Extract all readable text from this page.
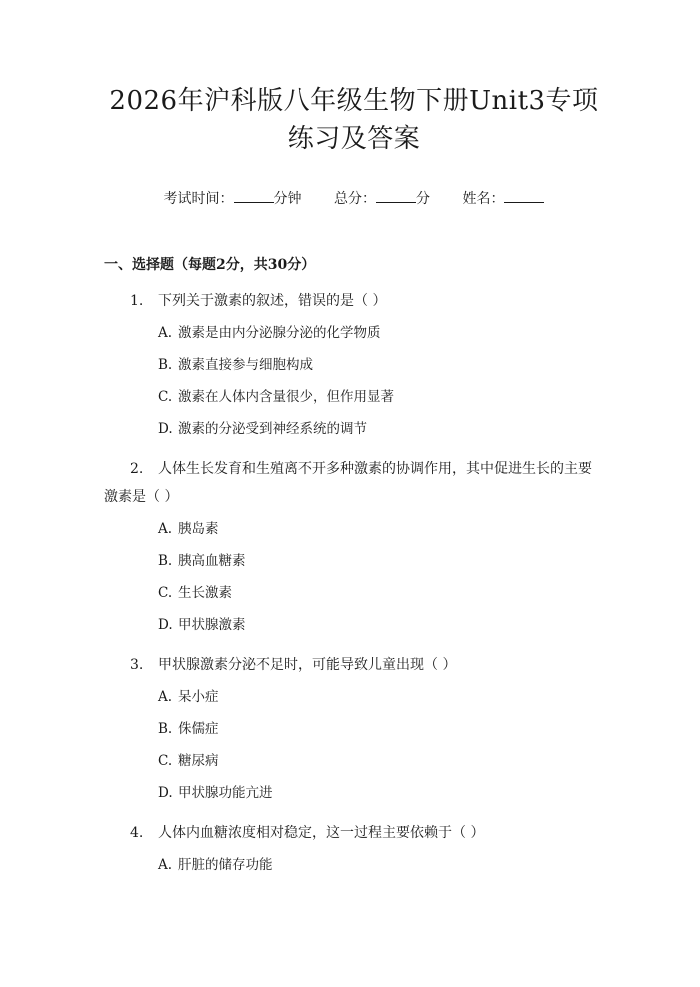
2026年沪科版八年级生物下册Unit3专项练习及答案
考试时间：	分钟 总分：	分 姓名：
一、选择题（每题2分，共30分）
1. 下列关于激素的叙述，错误的是（ ）
A. 激素是由内分泌腺分泌的化学物质
B. 激素直接参与细胞构成
C. 激素在人体内含量很少，但作用显著
D. 激素的分泌受到神经系统的调节
2. 人体生长发育和生殖离不开多种激素的协调作用，其中促进生长的主要激素是（ ）
A. 胰岛素
B. 胰高血糖素
C. 生长激素
D. 甲状腺激素
3. 甲状腺激素分泌不足时，可能导致儿童出现（ ）
A. 呆小症
B. 侏儒症
C. 糖尿病
D. 甲状腺功能亢进
4. 人体内血糖浓度相对稳定，这一过程主要依赖于（ ）
A. 肝脏的储存功能
